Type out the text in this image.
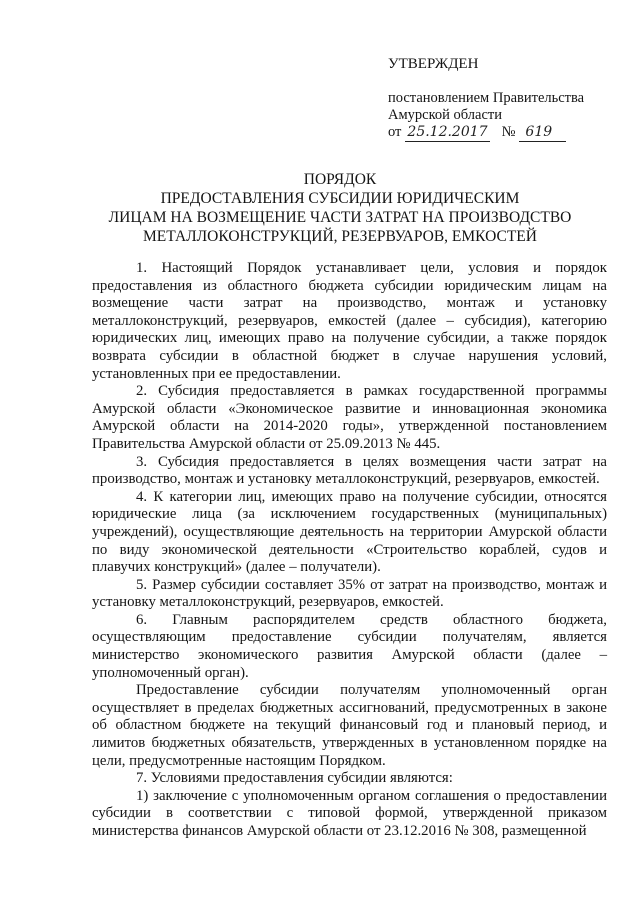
УТВЕРЖДЕН
постановлением Правительства
Амурской области
от 25.12.2017 № 619
ПОРЯДОК
ПРЕДОСТАВЛЕНИЯ СУБСИДИИ ЮРИДИЧЕСКИМ
ЛИЦАМ НА ВОЗМЕЩЕНИЕ ЧАСТИ ЗАТРАТ НА ПРОИЗВОДСТВО
МЕТАЛЛОКОНСТРУКЦИЙ, РЕЗЕРВУАРОВ, ЕМКОСТЕЙ

1. Настоящий Порядок устанавливает цели, условия и порядок предоставления из областного бюджета субсидии юридическим лицам на возмещение части затрат на производство, монтаж и установку металлоконструкций, резервуаров, емкостей (далее – субсидия), категорию юридических лиц, имеющих право на получение субсидии, а также порядок возврата субсидии в областной бюджет в случае нарушения условий, установленных при ее предоставлении.

2. Субсидия предоставляется в рамках государственной программы Амурской области «Экономическое развитие и инновационная экономика Амурской области на 2014-2020 годы», утвержденной постановлением Правительства Амурской области от 25.09.2013 № 445.

3. Субсидия предоставляется в целях возмещения части затрат на производство, монтаж и установку металлоконструкций, резервуаров, емкостей.

4. К категории лиц, имеющих право на получение субсидии, относятся юридические лица (за исключением государственных (муниципальных) учреждений), осуществляющие деятельность на территории Амурской области по виду экономической деятельности «Строительство кораблей, судов и плавучих конструкций» (далее – получатели).

5. Размер субсидии составляет 35% от затрат на производство, монтаж и установку металлоконструкций, резервуаров, емкостей.

6. Главным распорядителем средств областного бюджета, осуществляющим предоставление субсидии получателям, является министерство экономического развития Амурской области (далее – уполномоченный орган).

Предоставление субсидии получателям уполномоченный орган осуществляет в пределах бюджетных ассигнований, предусмотренных в законе об областном бюджете на текущий финансовый год и плановый период, и лимитов бюджетных обязательств, утвержденных в установленном порядке на цели, предусмотренные настоящим Порядком.

7. Условиями предоставления субсидии являются:

1) заключение с уполномоченным органом соглашения о предоставлении субсидии в соответствии с типовой формой, утвержденной приказом министерства финансов Амурской области от 23.12.2016 № 308, размещенной
